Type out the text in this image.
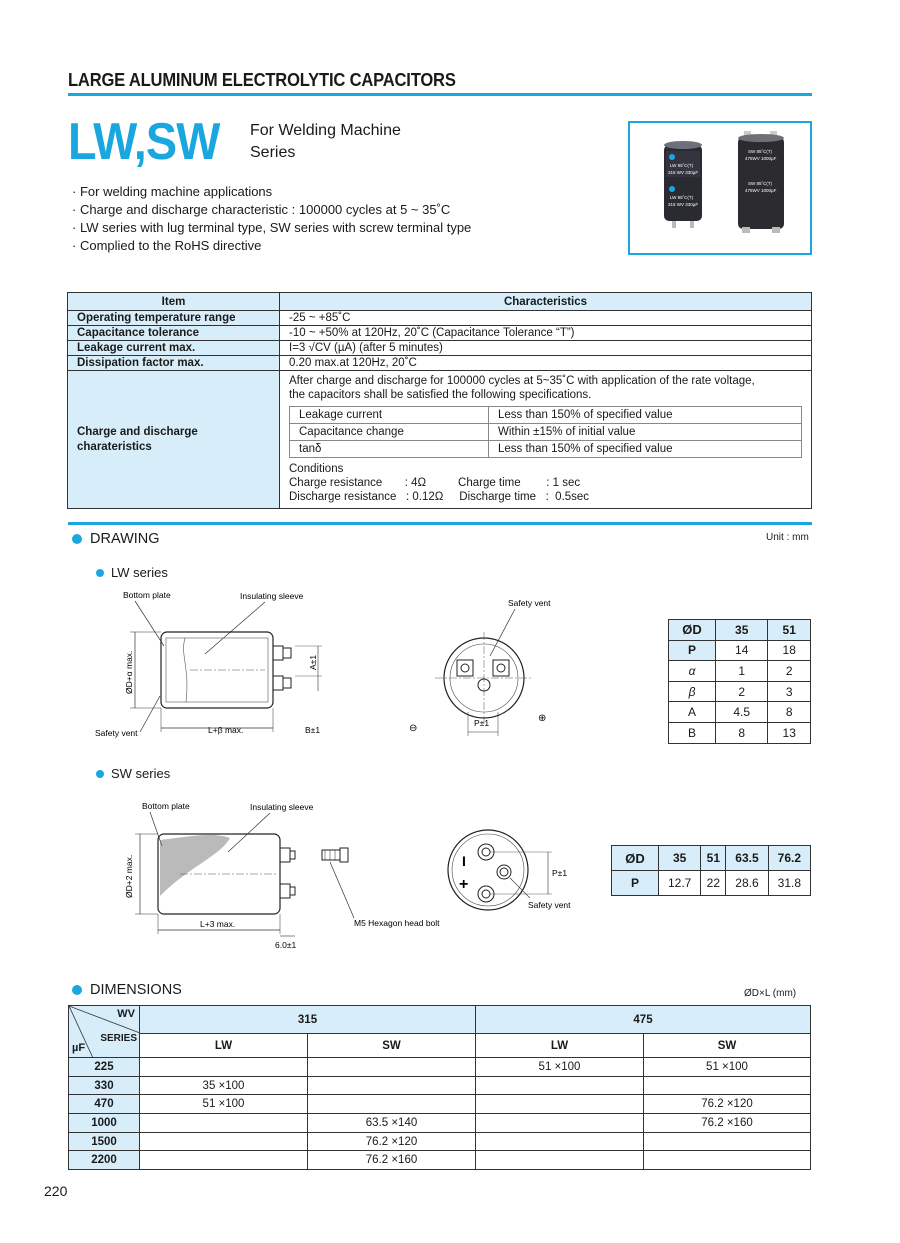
LARGE ALUMINUM ELECTROLYTIC CAPACITORS
LW,SW For Welding Machine
Series
· For welding machine applications
· Charge and discharge characteristic : 100000 cycles at 5 ~ 35˚C
· LW series with lug terminal type, SW series with screw terminal type
· Complied to the RoHS directive
LW 85˚C(T)
315 WV 330µF
LW 85˚C(T)
315 WV 330µF
SW 85˚C(T)
475WV 1000µF
SW 85˚C(T)
475WV 1000µF
Item	Characteristics
Operating temperature range	-25 ~ +85˚C
Capacitance tolerance	-10 ~ +50% at 120Hz, 20˚C (Capacitance Tolerance “T”)
Leakage current max.	I=3 √CV (µA) (after 5 minutes)
Dissipation factor max.	0.20 max.at 120Hz, 20˚C

Charge and discharge
charateristics

After charge and discharge for 100000 cycles at 5~35˚C with application of the rate voltage,
the capacitors shall be satisfied the following specifications.
Leakage current	Less than 150% of specified value
Capacitance change	Within ±15% of initial value
tanδ	Less than 150% of specified value
Conditions
Charge resistance       : 4Ω          Charge time        : 1 sec
Discharge resistance   : 0.12Ω     Discharge time   :  0.5sec
DRAWING	Unit : mm
LW series
Bottom plate	Insulating sleeve
ØD+α max.
L+β max.
A±1
B±1
Safety vent
Safety vent
⊖
⊕
P±1
ØD	35	51
P	14	18
α	1	2
β	2	3
A	4.5	8
B	8	13
SW series
Bottom plate	Insulating sleeve
ØD+2 max.
L+3 max.
6.0±1
M5 Hexagon head bolt
I
+
P±1
Safety vent
ØD	35	51	63.5	76.2
P	12.7	22	28.6	31.8
DIMENSIONS	ØD×L (mm)
WV
SERIES
µF	315		475	
	LW	SW	LW	SW
225			51 ×100	51 ×100
330	35 ×100			
470	51 ×100			76.2 ×120
1000		63.5 ×140		76.2 ×160
1500		76.2 ×120		
2200		76.2 ×160		
220
